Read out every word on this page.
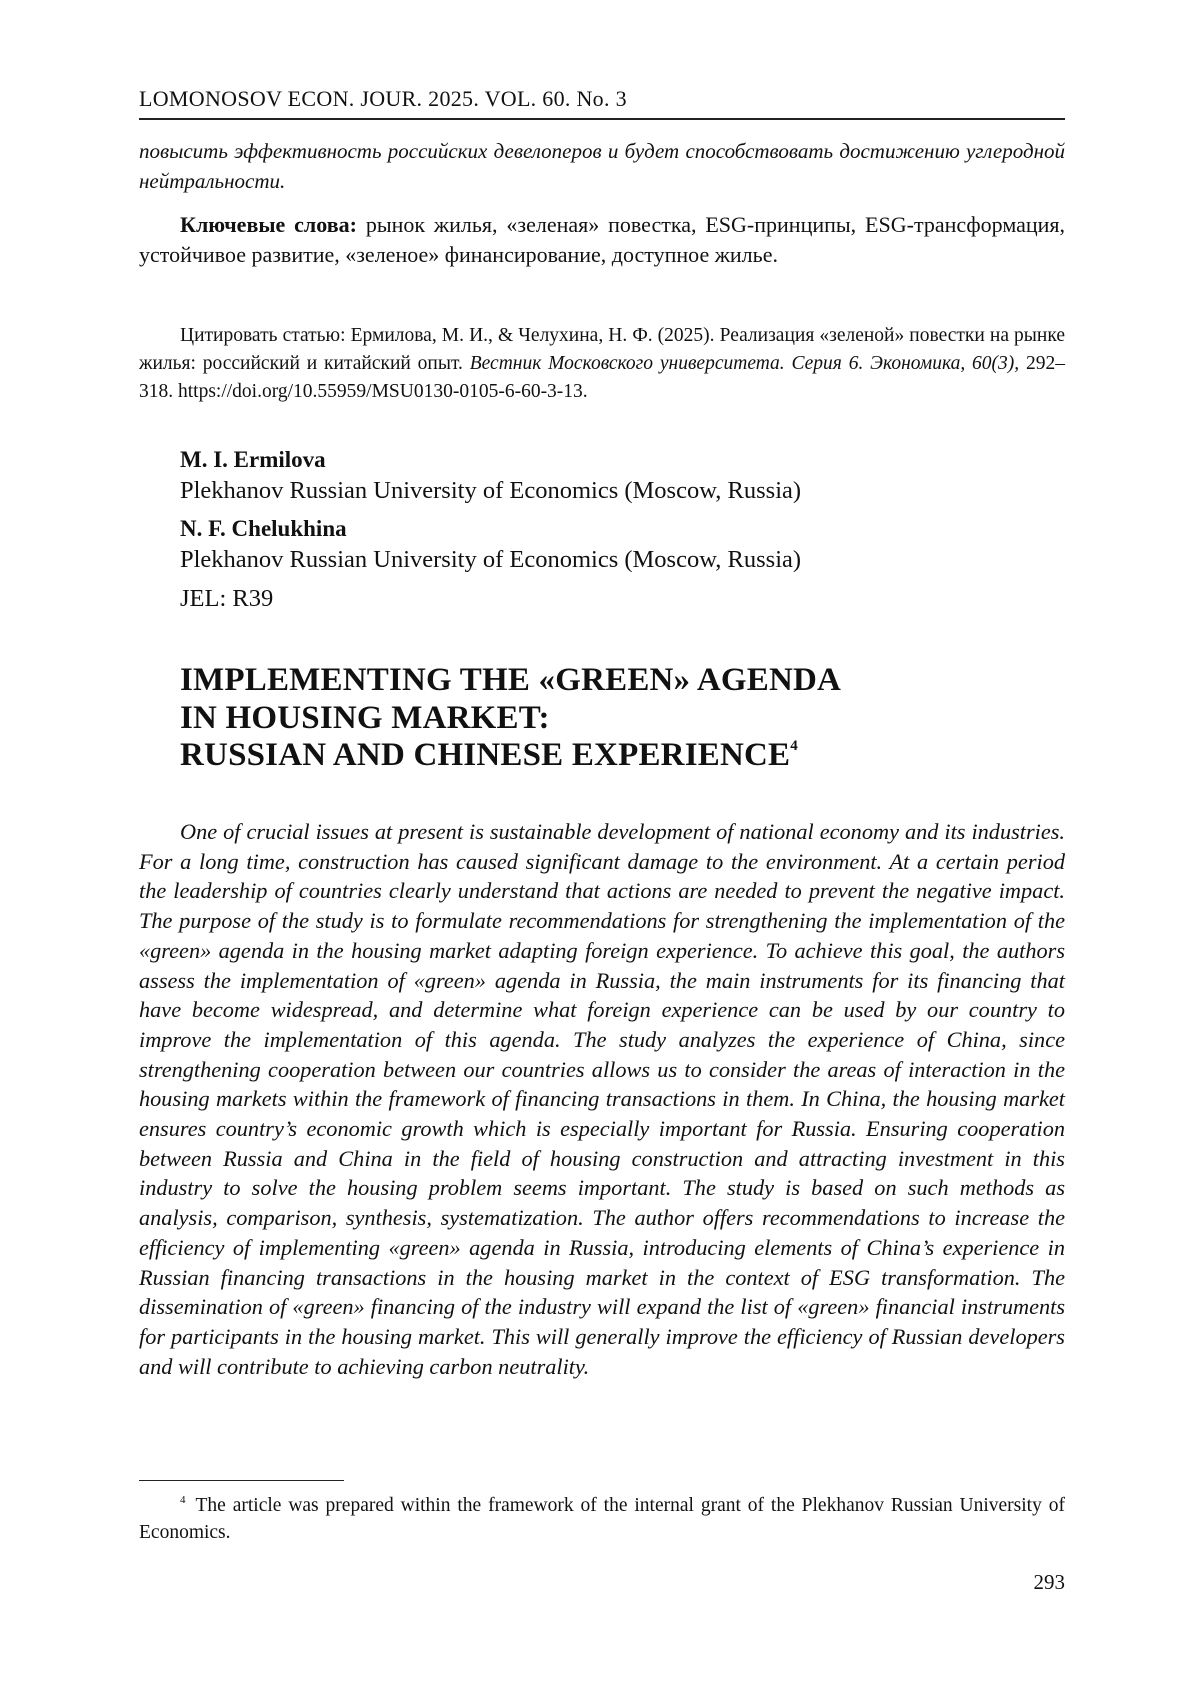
LOMONOSOV ECON. JOUR. 2025. VOL. 60. No. 3
повысить эффективность российских девелоперов и будет способствовать достижению углеродной нейтральности.
Ключевые слова: рынок жилья, «зеленая» повестка, ESG-принципы, ESG-трансформация, устойчивое развитие, «зеленое» финансирование, доступное жилье.
Цитировать статью: Ермилова, М. И., & Челухина, Н. Ф. (2025). Реализация «зеленой» повестки на рынке жилья: российский и китайский опыт. Вестник Московского университета. Серия 6. Экономика, 60(3), 292–318. https://doi.org/10.55959/MSU0130-0105-6-60-3-13.
M. I. Ermilova
Plekhanov Russian University of Economics (Moscow, Russia)
N. F. Chelukhina
Plekhanov Russian University of Economics (Moscow, Russia)
JEL: R39
IMPLEMENTING THE «GREEN» AGENDA
IN HOUSING MARKET:
RUSSIAN AND CHINESE EXPERIENCE$^4$
One of crucial issues at present is sustainable development of national economy and its industries. For a long time, construction has caused significant damage to the environment. At a certain period the leadership of countries clearly understand that actions are needed to prevent the negative impact. The purpose of the study is to formulate recommendations for strengthening the implementation of the «green» agenda in the housing market adapting foreign experience. To achieve this goal, the authors assess the implementation of «green» agenda in Russia, the main instruments for its financing that have become widespread, and determine what foreign experience can be used by our country to improve the implementation of this agenda. The study analyzes the experience of China, since strengthening cooperation between our countries allows us to consider the areas of interaction in the housing markets within the framework of financing transactions in them. In China, the housing market ensures country’s economic growth which is especially important for Russia. Ensuring cooperation between Russia and China in the field of housing construction and attracting investment in this industry to solve the housing problem seems important. The study is based on such methods as analysis, comparison, synthesis, systematization. The author offers recommendations to increase the efficiency of implementing «green» agenda in Russia, introducing elements of China’s experience in Russian financing transactions in the housing market in the context of ESG transformation. The dissemination of «green» financing of the industry will expand the list of «green» financial instruments for participants in the housing market. This will generally improve the efficiency of Russian developers and will contribute to achieving carbon neutrality.
$^4$ The article was prepared within the framework of the internal grant of the Plekhanov Russian University of Economics.
293
